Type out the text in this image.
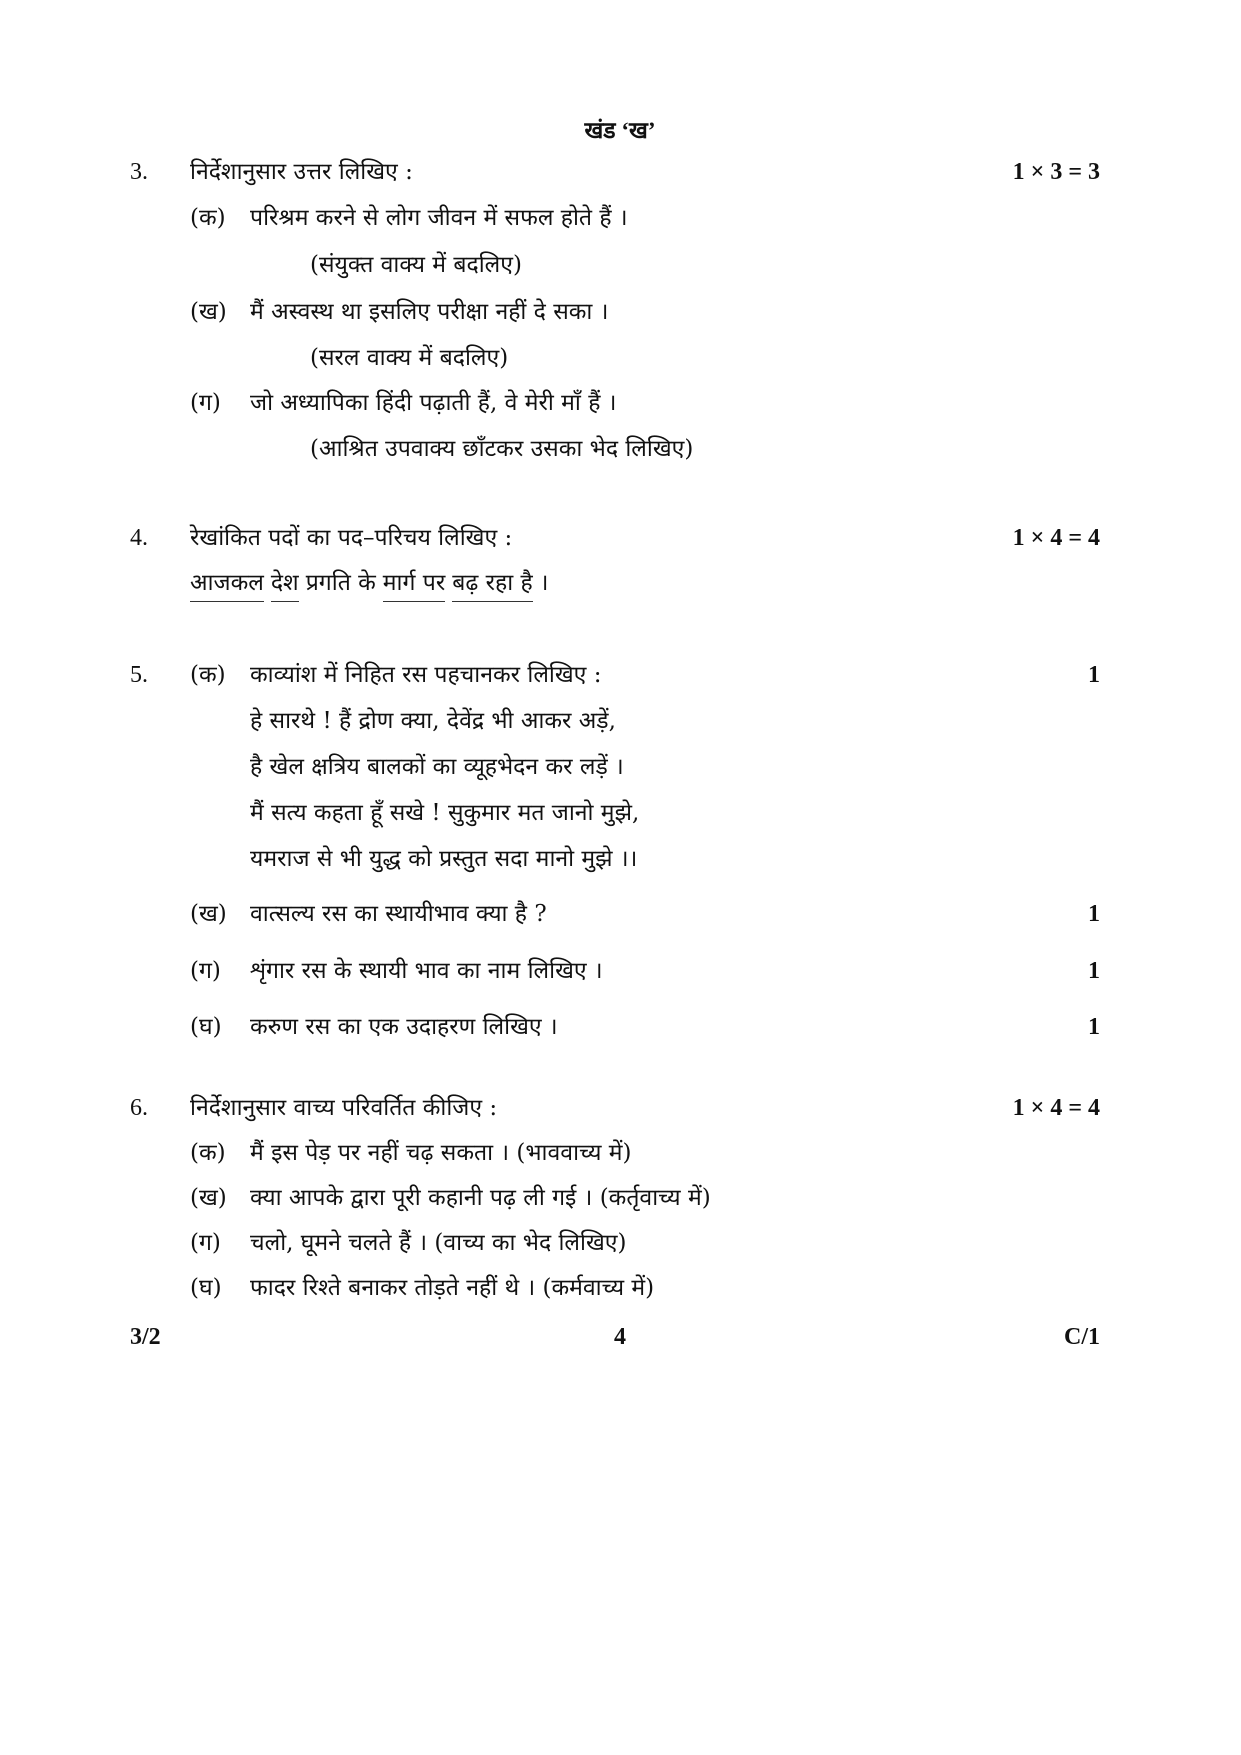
खंड ‘ख’
3. निर्देशानुसार उत्तर लिखिए :	1 × 3 = 3
(क) परिश्रम करने से लोग जीवन में सफल होते हैं ।
(संयुक्त वाक्य में बदलिए)
(ख) मैं अस्वस्थ था इसलिए परीक्षा नहीं दे सका ।
(सरल वाक्य में बदलिए)
(ग) जो अध्यापिका हिंदी पढ़ाती हैं, वे मेरी माँ हैं ।
(आश्रित उपवाक्य छाँटकर उसका भेद लिखिए)
4. रेखांकित पदों का पद–परिचय लिखिए :	1 × 4 = 4
आजकल देश प्रगति के मार्ग पर बढ़ रहा है ।
5. (क) काव्यांश में निहित रस पहचानकर लिखिए :	1
हे सारथे ! हैं द्रोण क्या, देवेंद्र भी आकर अड़ें,
है खेल क्षत्रिय बालकों का व्यूहभेदन कर लड़ें ।
मैं सत्य कहता हूँ सखे ! सुकुमार मत जानो मुझे,
यमराज से भी युद्ध को प्रस्तुत सदा मानो मुझे ।।
(ख) वात्सल्य रस का स्थायीभाव क्या है ?	1
(ग) शृंगार रस के स्थायी भाव का नाम लिखिए ।	1
(घ) करुण रस का एक उदाहरण लिखिए ।	1
6. निर्देशानुसार वाच्य परिवर्तित कीजिए :	1 × 4 = 4
(क) मैं इस पेड़ पर नहीं चढ़ सकता । (भाववाच्य में)
(ख) क्या आपके द्वारा पूरी कहानी पढ़ ली गई । (कर्तृवाच्य में)
(ग) चलो, घूमने चलते हैं । (वाच्य का भेद लिखिए)
(घ) फादर रिश्ते बनाकर तोड़ते नहीं थे । (कर्मवाच्य में)
3/2	4	C/1
